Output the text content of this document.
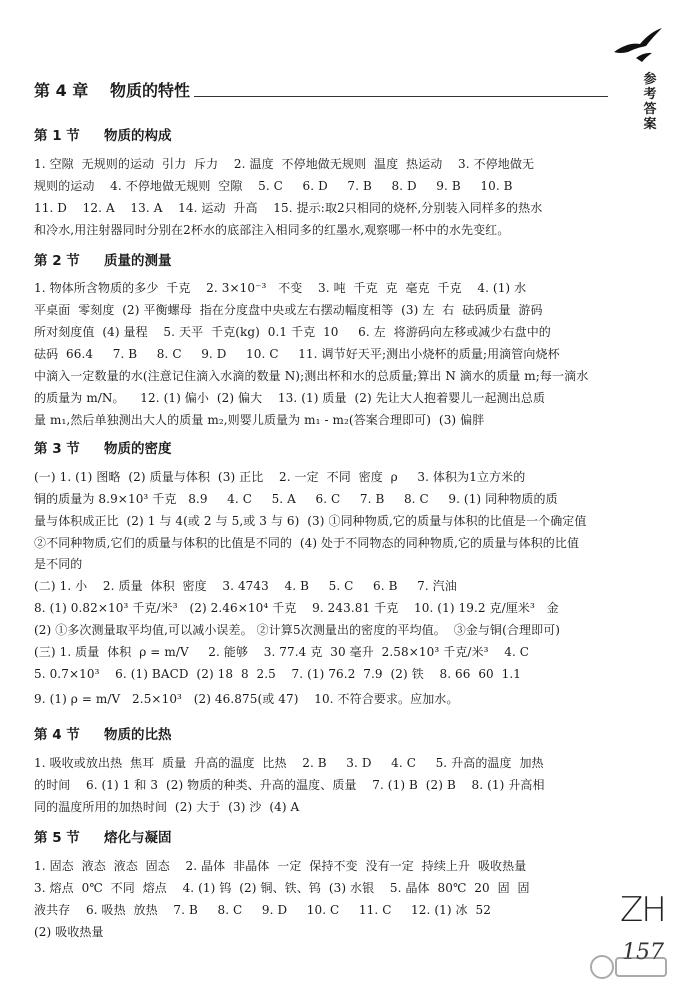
参
考
答
案
第 4 章 物质的特性
第 1 节 物质的构成
1. 空隙  无规则的运动  引力  斥力    2. 温度  不停地做无规则  温度  热运动    3. 不停地做无
规则的运动    4. 不停地做无规则  空隙    5. C     6. D     7. B     8. D     9. B     10. B
11. D    12. A    13. A    14. 运动  升高    15. 提示:取2只相同的烧杯,分别装入同样多的热水
和冷水,用注射器同时分别在2杯水的底部注入相同多的红墨水,观察哪一杯中的水先变红。
第 2 节 质量的测量
1. 物体所含物质的多少  千克    2. 3×10⁻³   不变    3. 吨  千克  克  毫克  千克    4. (1) 水
平桌面  零刻度  (2) 平衡螺母  指在分度盘中央或左右摆动幅度相等  (3) 左  右  砝码质量  游码
所对刻度值  (4) 量程    5. 天平  千克(kg)  0.1 千克  10     6. 左  将游码向左移或减少右盘中的
砝码  66.4     7. B     8. C     9. D     10. C     11. 调节好天平;测出小烧杯的质量;用滴管向烧杯
中滴入一定数量的水(注意记住滴入水滴的数量 N);测出杯和水的总质量;算出 N 滴水的质量 m;每一滴水
的质量为 m/N。    12. (1) 偏小  (2) 偏大    13. (1) 质量  (2) 先让大人抱着婴儿一起测出总质
量 m₁,然后单独测出大人的质量 m₂,则婴儿质量为 m₁ - m₂(答案合理即可)  (3) 偏胖
第 3 节 物质的密度
(一) 1. (1) 图略  (2) 质量与体积  (3) 正比    2. 一定  不同  密度  ρ     3. 体积为1立方米的
铜的质量为 8.9×10³ 千克   8.9     4. C     5. A     6. C     7. B     8. C     9. (1) 同种物质的质
量与体积成正比  (2) 1 与 4(或 2 与 5,或 3 与 6)  (3) ①同种物质,它的质量与体积的比值是一个确定值
②不同种物质,它们的质量与体积的比值是不同的  (4) 处于不同物态的同种物质,它的质量与体积的比值
是不同的
(二) 1. 小    2. 质量  体积  密度    3. 4743    4. B     5. C     6. B     7. 汽油
8. (1) 0.82×10³ 千克/米³   (2) 2.46×10⁴ 千克    9. 243.81 千克    10. (1) 19.2 克/厘米³   金
(2) ①多次测量取平均值,可以减小误差。 ②计算5次测量出的密度的平均值。  ③金与铜(合理即可)
(三) 1. 质量  体积  ρ = m/V     2. 能够    3. 77.4 克  30 毫升  2.58×10³ 千克/米³    4. C
5. 0.7×10³    6. (1) BACD  (2) 18  8  2.5    7. (1) 76.2  7.9  (2) 铁    8. 66  60  1.1
9. (1) ρ = m/V   2.5×10³   (2) 46.875(或 47)    10. 不符合要求。应加水。
第 4 节 物质的比热
1. 吸收或放出热  焦耳  质量  升高的温度  比热    2. B     3. D     4. C     5. 升高的温度  加热
的时间    6. (1) 1 和 3  (2) 物质的种类、升高的温度、质量    7. (1) B  (2) B    8. (1) 升高相
同的温度所用的加热时间  (2) 大于  (3) 沙  (4) A
第 5 节 熔化与凝固
1. 固态  液态  液态  固态    2. 晶体  非晶体  一定  保持不变  没有一定  持续上升  吸收热量
3. 熔点  0℃  不同  熔点    4. (1) 钨  (2) 铜、铁、钨  (3) 水银    5. 晶体  80℃  20  固  固
液共存    6. 吸热  放热    7. B     8. C     9. D     10. C     11. C     12. (1) 冰  52
(2) 吸收热量
ZH
157
